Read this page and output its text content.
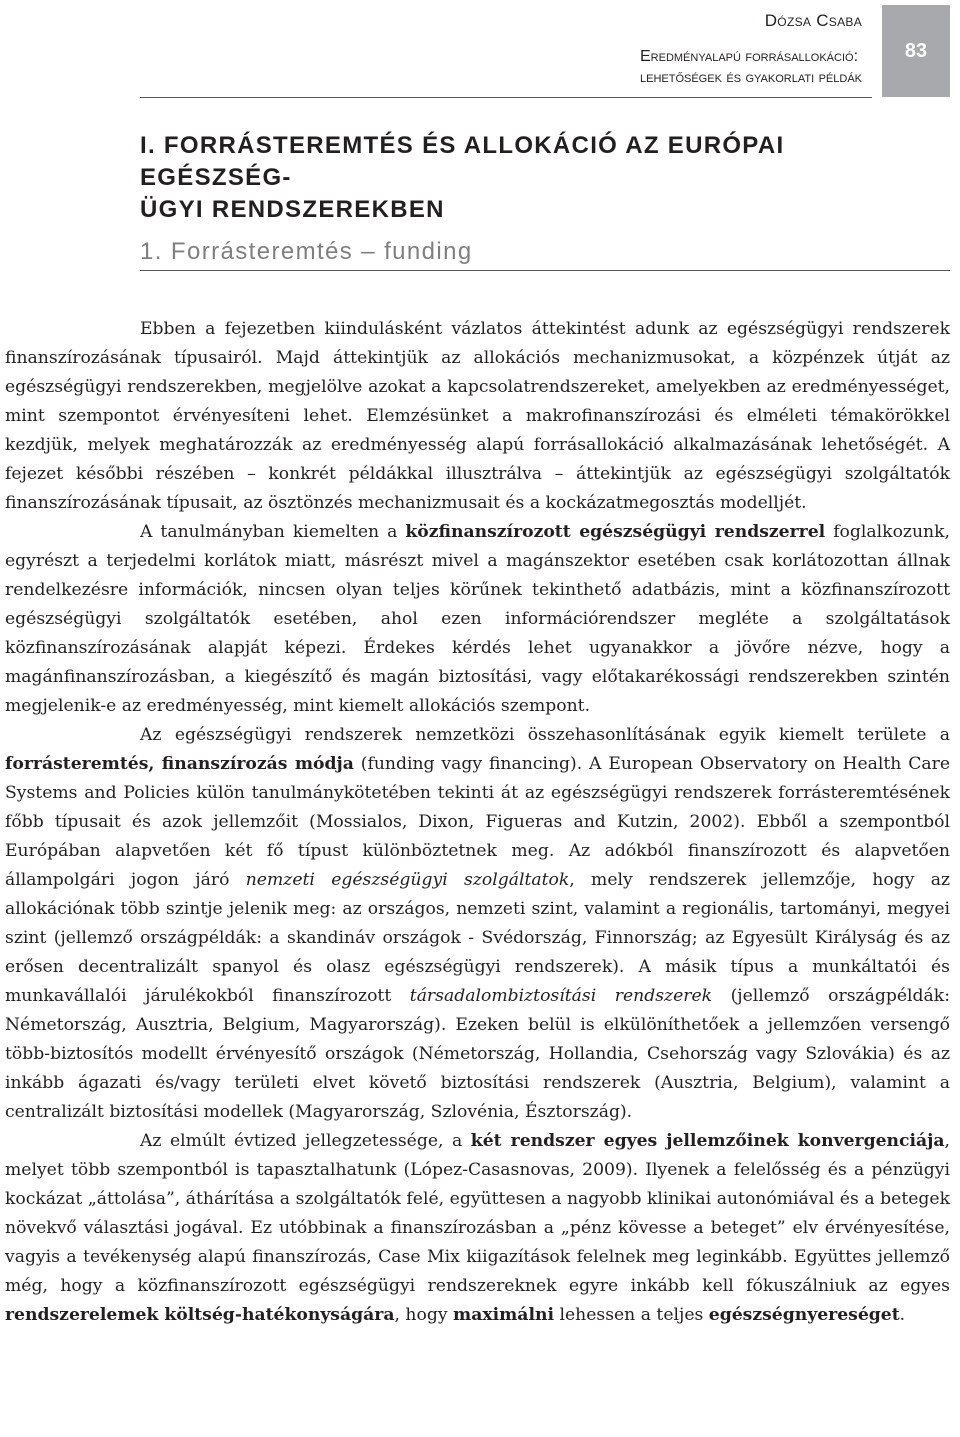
Dózsa Csaba
Eredményalapú forrásallokáció:
lehetőségek és gyakorlati példák
83
I. FORRÁSTEREMTÉS ÉS ALLOKÁCIÓ AZ EURÓPAI EGÉSZSÉG-
ÜGYI RENDSZEREKBEN
1. Forrásteremtés – funding

Ebben a fejezetben kiindulásként vázlatos áttekintést adunk az egészségügyi rendszerek finanszírozásának típusairól. Majd áttekintjük az allokációs mechanizmusokat, a közpénzek útját az egészségügyi rendszerekben, megjelölve azokat a kapcsolatrendszereket, amelyekben az eredményességet, mint szempontot érvényesíteni lehet. Elemzésünket a makrofinanszírozási és elméleti témakörökkel kezdjük, melyek meghatározzák az eredményesség alapú forrásallokáció alkalmazásának lehetőségét. A fejezet későbbi részében – konkrét példákkal illusztrálva – áttekintjük az egészségügyi szolgáltatók finanszírozásának típusait, az ösztönzés mechanizmusait és a kockázatmegosztás modelljét.

A tanulmányban kiemelten a közfinanszírozott egészségügyi rendszerrel foglalkozunk, egyrészt a terjedelmi korlátok miatt, másrészt mivel a magánszektor esetében csak korlátozottan állnak rendelkezésre információk, nincsen olyan teljes körűnek tekinthető adatbázis, mint a közfinanszírozott egészségügyi szolgáltatók esetében, ahol ezen információrendszer megléte a szolgáltatások közfinanszírozásának alapját képezi. Érdekes kérdés lehet ugyanakkor a jövőre nézve, hogy a magánfinanszírozásban, a kiegészítő és magán biztosítási, vagy előtakarékossági rendszerekben szintén megjelenik-e az eredményesség, mint kiemelt allokációs szempont.

Az egészségügyi rendszerek nemzetközi összehasonlításának egyik kiemelt területe a forrásteremtés, finanszírozás módja (funding vagy financing). A European Observatory on Health Care Systems and Policies külön tanulmánykötetében tekinti át az egészségügyi rendszerek forrásteremtésének főbb típusait és azok jellemzőit (Mossialos, Dixon, Figueras and Kutzin, 2002). Ebből a szempontból Európában alapvetően két fő típust különböztetnek meg. Az adókból finanszírozott és alapvetően állampolgári jogon járó nemzeti egészségügyi szolgáltatok, mely rendszerek jellemzője, hogy az allokációnak több szintje jelenik meg: az országos, nemzeti szint, valamint a regionális, tartományi, megyei szint (jellemző országpéldák: a skandináv országok - Svédország, Finnország; az Egyesült Királyság és az erősen decentralizált spanyol és olasz egészségügyi rendszerek). A másik típus a munkáltatói és munkavállalói járulékokból finanszírozott társadalombiztosítási rendszerek (jellemző országpéldák: Németország, Ausztria, Belgium, Magyarország). Ezeken belül is elkülöníthetőek a jellemzően versengő több-biztosítós modellt érvényesítő országok (Németország, Hollandia, Csehország vagy Szlovákia) és az inkább ágazati és/vagy területi elvet követő biztosítási rendszerek (Ausztria, Belgium), valamint a centralizált biztosítási modellek (Magyarország, Szlovénia, Észtország).

Az elmúlt évtized jellegzetessége, a két rendszer egyes jellemzőinek konvergenciája, melyet több szempontból is tapasztalhatunk (López-Casasnovas, 2009). Ilyenek a felelősség és a pénzügyi kockázat „áttolása”, áthárítása a szolgáltatók felé, együttesen a nagyobb klinikai autonómiával és a betegek növekvő választási jogával. Ez utóbbinak a finanszírozásban a „pénz kövesse a beteget” elv érvényesítése, vagyis a tevékenység alapú finanszírozás, Case Mix kiigazítások felelnek meg leginkább. Együttes jellemző még, hogy a közfinanszírozott egészségügyi rendszereknek egyre inkább kell fókuszálniuk az egyes rendszerelemek költség-hatékonyságára, hogy maximálni lehessen a teljes egészségnyereséget.
